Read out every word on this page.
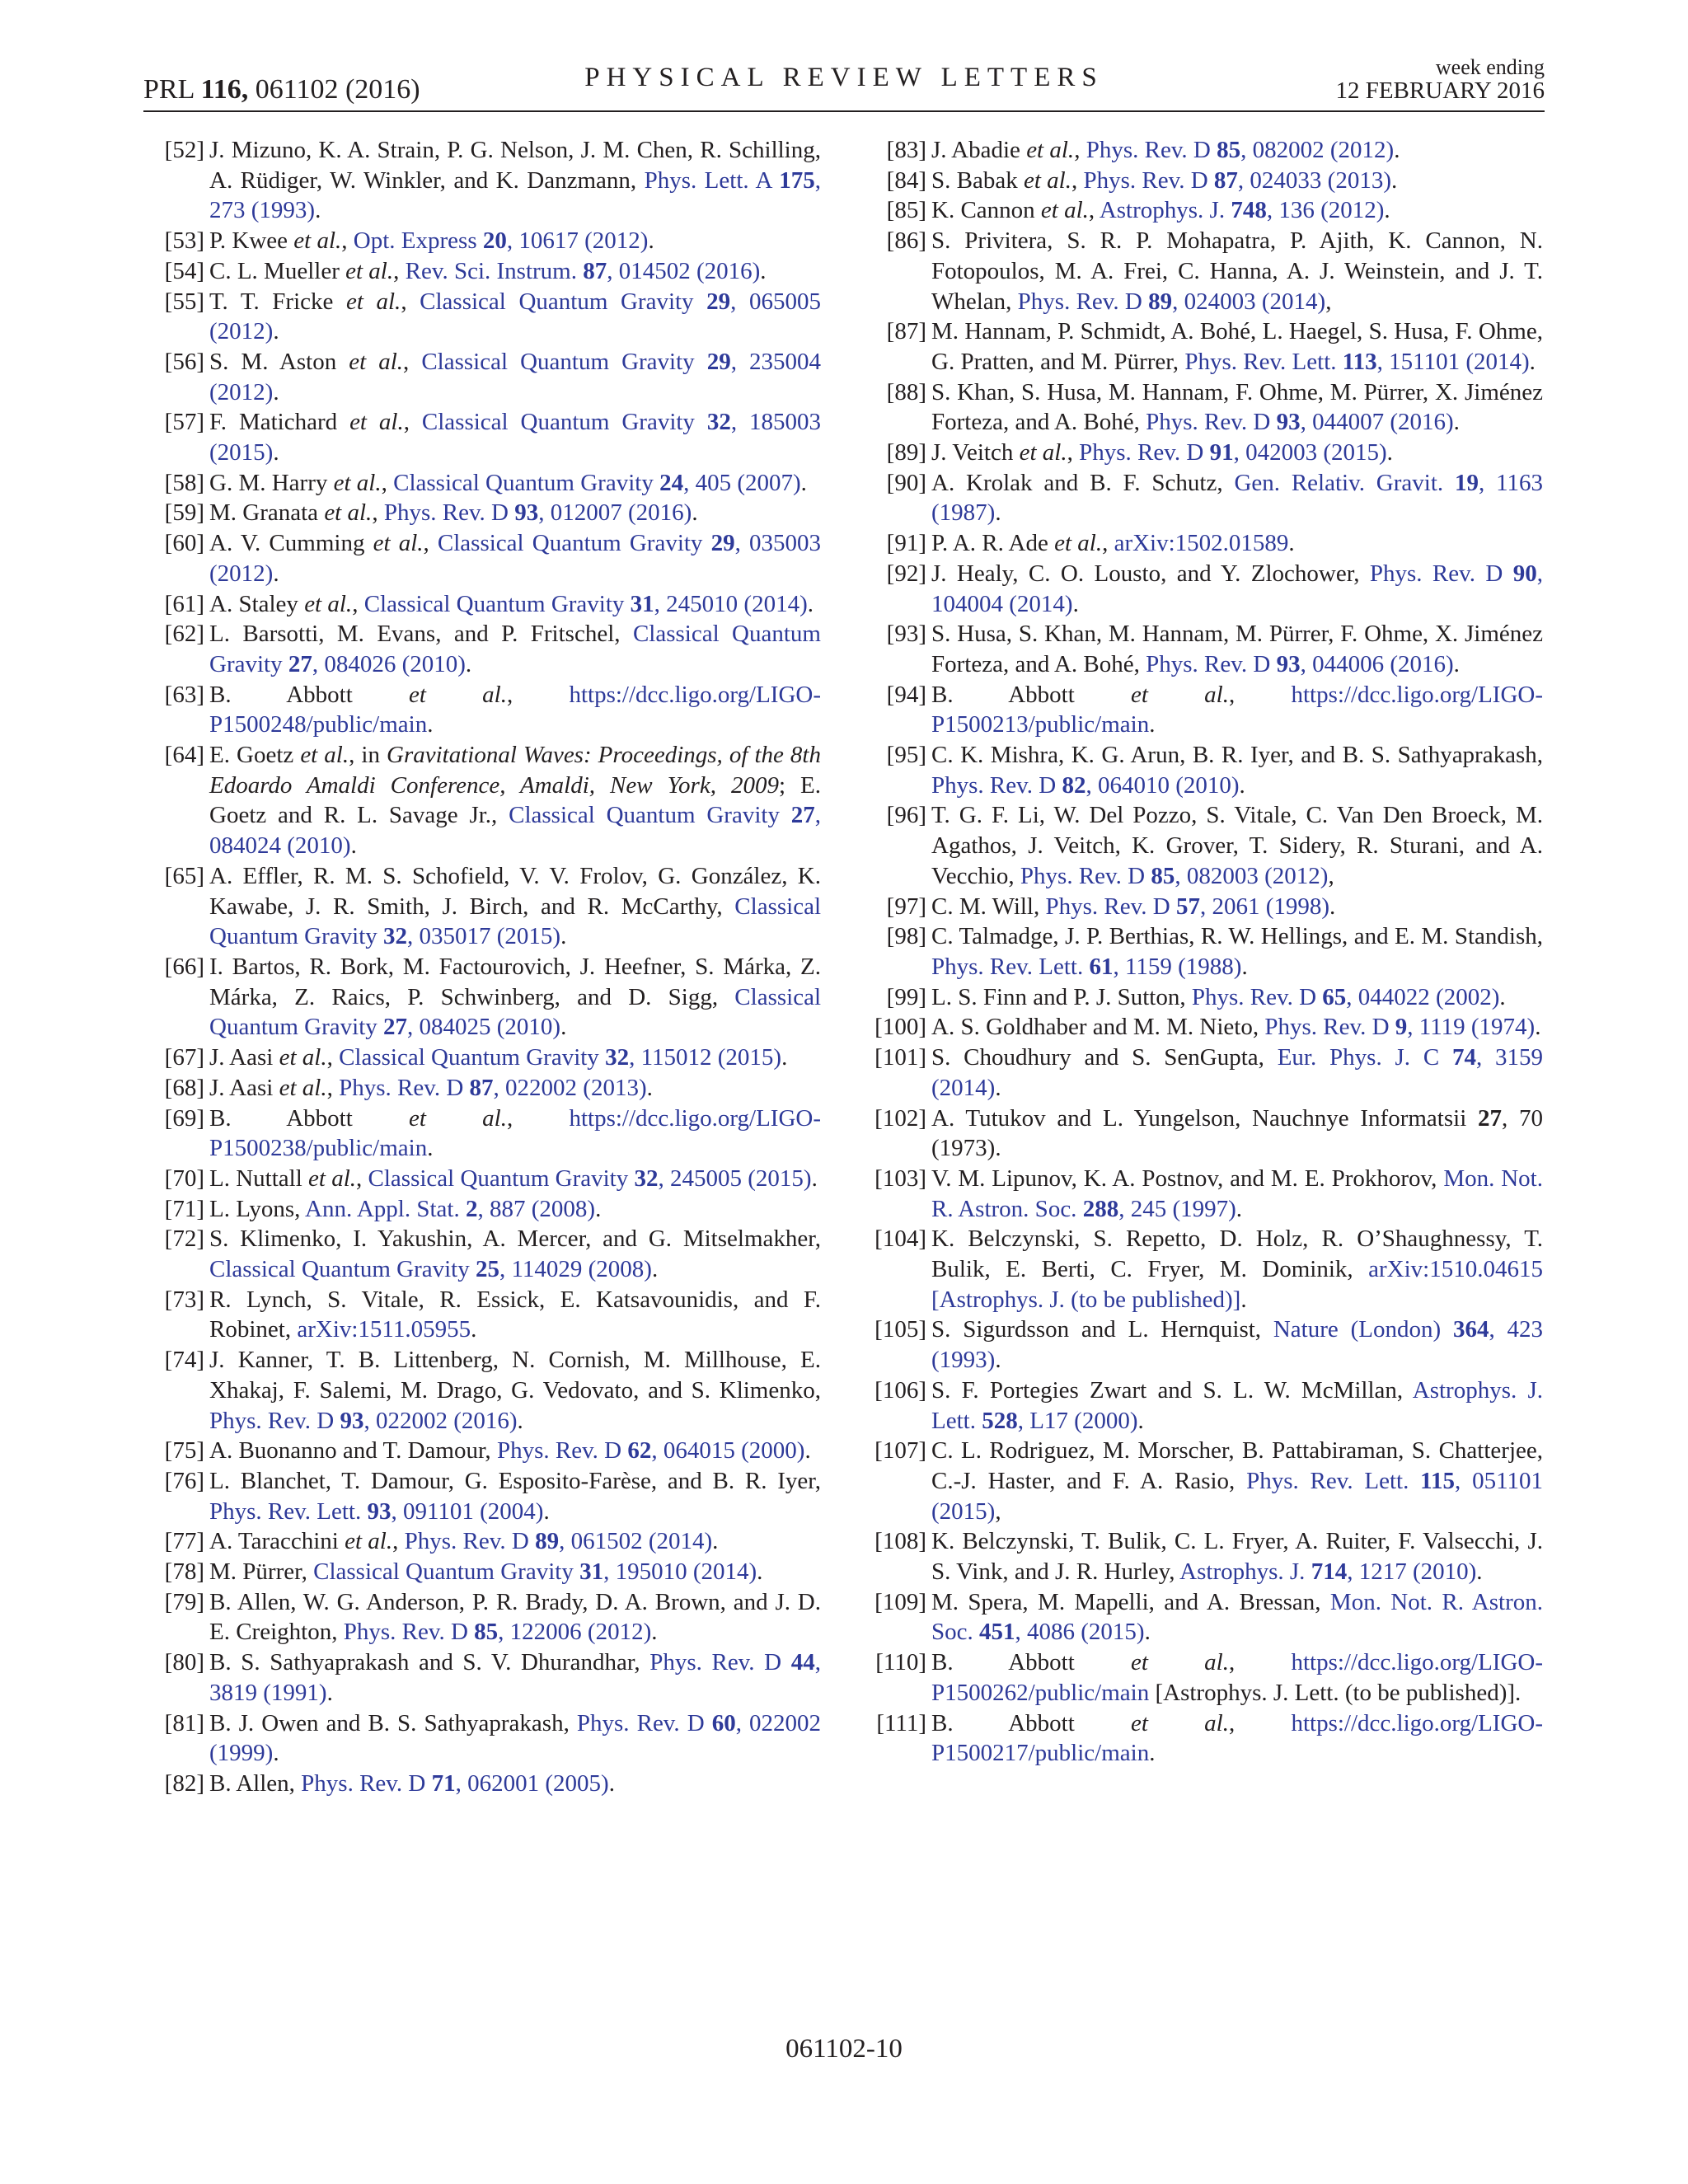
PRL 116, 061102 (2016)	PHYSICAL REVIEW LETTERS	week ending
12 FEBRUARY 2016

[52] J. Mizuno, K. A. Strain, P. G. Nelson, J. M. Chen, R. Schilling, A. Rüdiger, W. Winkler, and K. Danzmann, Phys. Lett. A 175, 273 (1993).

[53] P. Kwee et al., Opt. Express 20, 10617 (2012).

[54] C. L. Mueller et al., Rev. Sci. Instrum. 87, 014502 (2016).

[55] T. T. Fricke et al., Classical Quantum Gravity 29, 065005 (2012).

[56] S. M. Aston et al., Classical Quantum Gravity 29, 235004 (2012).

[57] F. Matichard et al., Classical Quantum Gravity 32, 185003 (2015).

[58] G. M. Harry et al., Classical Quantum Gravity 24, 405 (2007).

[59] M. Granata et al., Phys. Rev. D 93, 012007 (2016).

[60] A. V. Cumming et al., Classical Quantum Gravity 29, 035003 (2012).

[61] A. Staley et al., Classical Quantum Gravity 31, 245010 (2014).

[62] L. Barsotti, M. Evans, and P. Fritschel, Classical Quantum Gravity 27, 084026 (2010).

[63] B. Abbott et al., https://dcc.ligo.org/LIGO-P1500248/public/main.

[64] E. Goetz et al., in Gravitational Waves: Proceedings, of the 8th Edoardo Amaldi Conference, Amaldi, New York, 2009; E. Goetz and R. L. Savage Jr., Classical Quantum Gravity 27, 084024 (2010).

[65] A. Effler, R. M. S. Schofield, V. V. Frolov, G. González, K. Kawabe, J. R. Smith, J. Birch, and R. McCarthy, Classical Quantum Gravity 32, 035017 (2015).

[66] I. Bartos, R. Bork, M. Factourovich, J. Heefner, S. Márka, Z. Márka, Z. Raics, P. Schwinberg, and D. Sigg, Classical Quantum Gravity 27, 084025 (2010).

[67] J. Aasi et al., Classical Quantum Gravity 32, 115012 (2015).

[68] J. Aasi et al., Phys. Rev. D 87, 022002 (2013).

[69] B. Abbott et al., https://dcc.ligo.org/LIGO-P1500238/public/main.

[70] L. Nuttall et al., Classical Quantum Gravity 32, 245005 (2015).

[71] L. Lyons, Ann. Appl. Stat. 2, 887 (2008).

[72] S. Klimenko, I. Yakushin, A. Mercer, and G. Mitselmakher, Classical Quantum Gravity 25, 114029 (2008).

[73] R. Lynch, S. Vitale, R. Essick, E. Katsavounidis, and F. Robinet, arXiv:1511.05955.

[74] J. Kanner, T. B. Littenberg, N. Cornish, M. Millhouse, E. Xhakaj, F. Salemi, M. Drago, G. Vedovato, and S. Klimenko, Phys. Rev. D 93, 022002 (2016).

[75] A. Buonanno and T. Damour, Phys. Rev. D 62, 064015 (2000).

[76] L. Blanchet, T. Damour, G. Esposito-Farèse, and B. R. Iyer, Phys. Rev. Lett. 93, 091101 (2004).

[77] A. Taracchini et al., Phys. Rev. D 89, 061502 (2014).

[78] M. Pürrer, Classical Quantum Gravity 31, 195010 (2014).

[79] B. Allen, W. G. Anderson, P. R. Brady, D. A. Brown, and J. D. E. Creighton, Phys. Rev. D 85, 122006 (2012).

[80] B. S. Sathyaprakash and S. V. Dhurandhar, Phys. Rev. D 44, 3819 (1991).

[81] B. J. Owen and B. S. Sathyaprakash, Phys. Rev. D 60, 022002 (1999).

[82] B. Allen, Phys. Rev. D 71, 062001 (2005).

[83] J. Abadie et al., Phys. Rev. D 85, 082002 (2012).

[84] S. Babak et al., Phys. Rev. D 87, 024033 (2013).

[85] K. Cannon et al., Astrophys. J. 748, 136 (2012).

[86] S. Privitera, S. R. P. Mohapatra, P. Ajith, K. Cannon, N. Fotopoulos, M. A. Frei, C. Hanna, A. J. Weinstein, and J. T. Whelan, Phys. Rev. D 89, 024003 (2014),

[87] M. Hannam, P. Schmidt, A. Bohé, L. Haegel, S. Husa, F. Ohme, G. Pratten, and M. Pürrer, Phys. Rev. Lett. 113, 151101 (2014).

[88] S. Khan, S. Husa, M. Hannam, F. Ohme, M. Pürrer, X. Jiménez Forteza, and A. Bohé, Phys. Rev. D 93, 044007 (2016).

[89] J. Veitch et al., Phys. Rev. D 91, 042003 (2015).

[90] A. Krolak and B. F. Schutz, Gen. Relativ. Gravit. 19, 1163 (1987).

[91] P. A. R. Ade et al., arXiv:1502.01589.

[92] J. Healy, C. O. Lousto, and Y. Zlochower, Phys. Rev. D 90, 104004 (2014).

[93] S. Husa, S. Khan, M. Hannam, M. Pürrer, F. Ohme, X. Jiménez Forteza, and A. Bohé, Phys. Rev. D 93, 044006 (2016).

[94] B. Abbott et al., https://dcc.ligo.org/LIGO-P1500213/public/main.

[95] C. K. Mishra, K. G. Arun, B. R. Iyer, and B. S. Sathyaprakash, Phys. Rev. D 82, 064010 (2010).

[96] T. G. F. Li, W. Del Pozzo, S. Vitale, C. Van Den Broeck, M. Agathos, J. Veitch, K. Grover, T. Sidery, R. Sturani, and A. Vecchio, Phys. Rev. D 85, 082003 (2012),

[97] C. M. Will, Phys. Rev. D 57, 2061 (1998).

[98] C. Talmadge, J. P. Berthias, R. W. Hellings, and E. M. Standish, Phys. Rev. Lett. 61, 1159 (1988).

[99] L. S. Finn and P. J. Sutton, Phys. Rev. D 65, 044022 (2002).

[100] A. S. Goldhaber and M. M. Nieto, Phys. Rev. D 9, 1119 (1974).

[101] S. Choudhury and S. SenGupta, Eur. Phys. J. C 74, 3159 (2014).

[102] A. Tutukov and L. Yungelson, Nauchnye Informatsii 27, 70 (1973).

[103] V. M. Lipunov, K. A. Postnov, and M. E. Prokhorov, Mon. Not. R. Astron. Soc. 288, 245 (1997).

[104] K. Belczynski, S. Repetto, D. Holz, R. O’Shaughnessy, T. Bulik, E. Berti, C. Fryer, M. Dominik, arXiv:1510.04615 [Astrophys. J. (to be published)].

[105] S. Sigurdsson and L. Hernquist, Nature (London) 364, 423 (1993).

[106] S. F. Portegies Zwart and S. L. W. McMillan, Astrophys. J. Lett. 528, L17 (2000).

[107] C. L. Rodriguez, M. Morscher, B. Pattabiraman, S. Chatterjee, C.-J. Haster, and F. A. Rasio, Phys. Rev. Lett. 115, 051101 (2015),

[108] K. Belczynski, T. Bulik, C. L. Fryer, A. Ruiter, F. Valsecchi, J. S. Vink, and J. R. Hurley, Astrophys. J. 714, 1217 (2010).

[109] M. Spera, M. Mapelli, and A. Bressan, Mon. Not. R. Astron. Soc. 451, 4086 (2015).

[110] B. Abbott et al., https://dcc.ligo.org/LIGO-P1500262/public/main [Astrophys. J. Lett. (to be published)].

[111] B. Abbott et al., https://dcc.ligo.org/LIGO-P1500217/public/main.

061102-10
